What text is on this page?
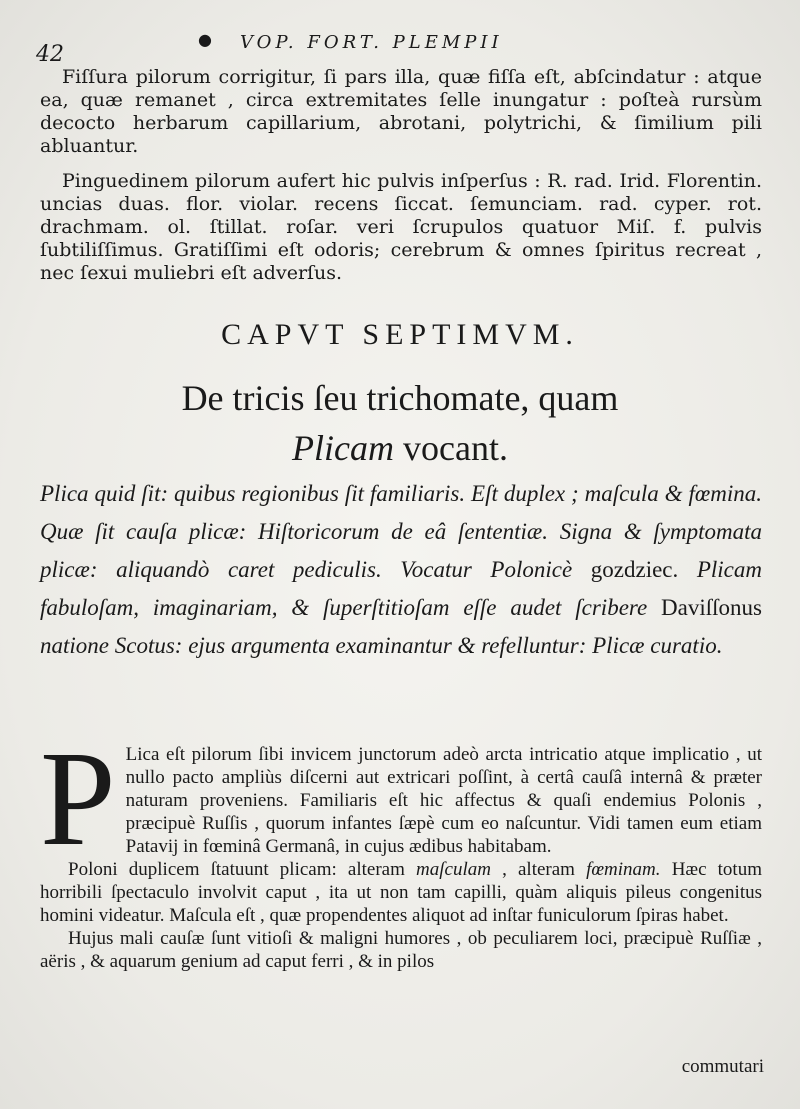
42
● VOP. FORT. PLEMPII

Fiſſura pilorum corrigitur, ſi pars illa, quæ fiſſa eſt, abſcindatur : atque ea, quæ remanet , circa extremitates ſelle inungatur : poſteà rursùm decocto herbarum capillarium, abrotani, polytrichi, & ſimilium pili abluantur.

Pinguedinem pilorum aufert hic pulvis inſperſus : R. rad. Irid. Florentin. uncias duas. flor. violar. recens ſiccat. ſemunciam. rad. cyper. rot. drachmam. ol. ſtillat. roſar. veri ſcrupulos quatuor Miſ. f. pulvis ſubtiliſſimus. Gratiſſimi eſt odoris; cerebrum & omnes ſpiritus recreat , nec ſexui muliebri eſt adverſus.

CAPVT SEPTIMVM.
De tricis ſeu trichomate, quam
Plicam vocant.
Plica quid ſit: quibus regionibus ſit familiaris. Eſt duplex ; maſcula & fœmina. Quæ ſit cauſa plicæ: Hiſtoricorum de eâ ſententiæ. Signa & ſymptomata plicæ: aliquandò caret pediculis. Vocatur Polonicè gozdziec. Plicam fabuloſam, imaginariam, & ſuperſtitioſam eſſe audet ſcribere Daviſſonus natione Scotus: ejus argumenta examinantur & refelluntur: Plicæ curatio.
P Lica eſt pilorum ſibi invicem junctorum adeò arcta intricatio atque implicatio , ut nullo pacto ampliùs diſcerni aut extricari poſſint, à certâ cauſâ internâ & præter naturam proveniens. Familiaris eſt hic affectus & quaſi endemius Polonis , præcipuè Ruſſis , quorum infantes ſæpè cum eo naſcuntur. Vidi tamen eum etiam Patavij in fœminâ Germanâ, in cujus ædibus habitabam.

Poloni duplicem ſtatuunt plicam: alteram maſculam , alteram fœminam. Hæc totum horribili ſpectaculo involvit caput , ita ut non tam capilli, quàm aliquis pileus congenitus homini videatur. Maſcula eſt , quæ propendentes aliquot ad inſtar funiculorum ſpiras habet.

Hujus mali cauſæ ſunt vitioſi & maligni humores , ob peculiarem loci, præcipuè Ruſſiæ , aëris , & aquarum genium ad caput ferri , & in pilos

commutari
